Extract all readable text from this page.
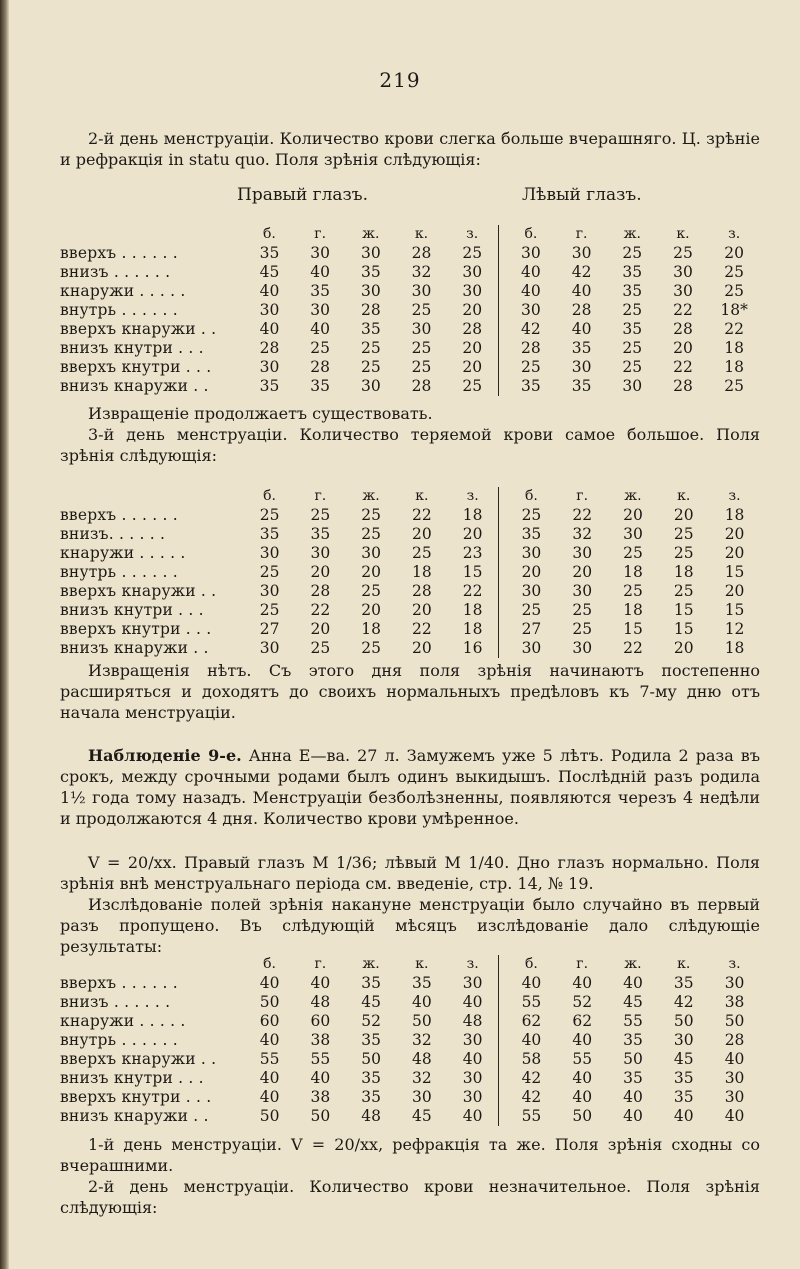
219

2-й день менструаціи. Количество крови слегка больше вчерашняго. Ц. зрѣніе и рефракція in statu quo. Поля зрѣнія слѣдующія:

Правый глазъ.	Лѣвый глазъ.
	б.	г.	ж.	к.	з.		б.	г.	ж.	к.	з.
вверхъ . . . . . .	35	30	30	28	25		30	30	25	25	20
внизъ . . . . . .	45	40	35	32	30		40	42	35	30	25
кнаружи . . . . .	40	35	30	30	30		40	40	35	30	25
внутрь . . . . . .	30	30	28	25	20		30	28	25	22	18*
вверхъ кнаружи . .	40	40	35	30	28		42	40	35	28	22
внизъ кнутри . . .	28	25	25	25	20		28	35	25	20	18
вверхъ кнутри . . .	30	28	25	25	20		25	30	25	22	18
внизъ кнаружи . .	35	35	30	28	25		35	35	30	28	25

Извращеніе продолжаетъ существовать.

3-й день менструаціи. Количество теряемой крови самое большое. Поля зрѣнія слѣдующія:

	б.	г.	ж.	к.	з.		б.	г.	ж.	к.	з.
вверхъ . . . . . .	25	25	25	22	18		25	22	20	20	18
внизъ. . . . . .	35	35	25	20	20		35	32	30	25	20
кнаружи . . . . .	30	30	30	25	23		30	30	25	25	20
внутрь . . . . . .	25	20	20	18	15		20	20	18	18	15
вверхъ кнаружи . .	30	28	25	28	22		30	30	25	25	20
внизъ кнутри . . .	25	22	20	20	18		25	25	18	15	15
вверхъ кнутри . . .	27	20	18	22	18		27	25	15	15	12
внизъ кнаружи . .	30	25	25	20	16		30	30	22	20	18

Извращенія нѣтъ. Съ этого дня поля зрѣнія начинаютъ постепенно расширяться и доходятъ до своихъ нормальныхъ предѣловъ къ 7-му дню отъ начала менструаціи.

Наблюденіе 9-е. Анна Е—ва. 27 л. Замужемъ уже 5 лѣтъ. Родила 2 раза въ срокъ, между срочными родами былъ одинъ выкидышъ. Послѣдній разъ родила 1½ года тому назадъ. Менструаціи безболѣзненны, появляются черезъ 4 недѣли и продолжаются 4 дня. Количество крови умѣренное.

V = 20/xx. Правый глазъ M 1/36; лѣвый M 1/40. Дно глазъ нормально. Поля зрѣнія внѣ менструальнаго періода см. введеніе, стр. 14, № 19.

Изслѣдованіе полей зрѣнія накануне менструаціи было случайно въ первый разъ пропущено. Въ слѣдующій мѣсяцъ изслѣдованіе дало слѣдующіе результаты:

	б.	г.	ж.	к.	з.		б.	г.	ж.	к.	з.
вверхъ . . . . . .	40	40	35	35	30		40	40	40	35	30
внизъ . . . . . .	50	48	45	40	40		55	52	45	42	38
кнаружи . . . . .	60	60	52	50	48		62	62	55	50	50
внутрь . . . . . .	40	38	35	32	30		40	40	35	30	28
вверхъ кнаружи . .	55	55	50	48	40		58	55	50	45	40
внизъ кнутри . . .	40	40	35	32	30		42	40	35	35	30
вверхъ кнутри . . .	40	38	35	30	30		42	40	40	35	30
внизъ кнаружи . .	50	50	48	45	40		55	50	40	40	40

1-й день менструаціи. V = 20/xx, рефракція та же. Поля зрѣнія сходны со вчерашними.

2-й день менструаціи. Количество крови незначительное. Поля зрѣнія слѣдующія:
